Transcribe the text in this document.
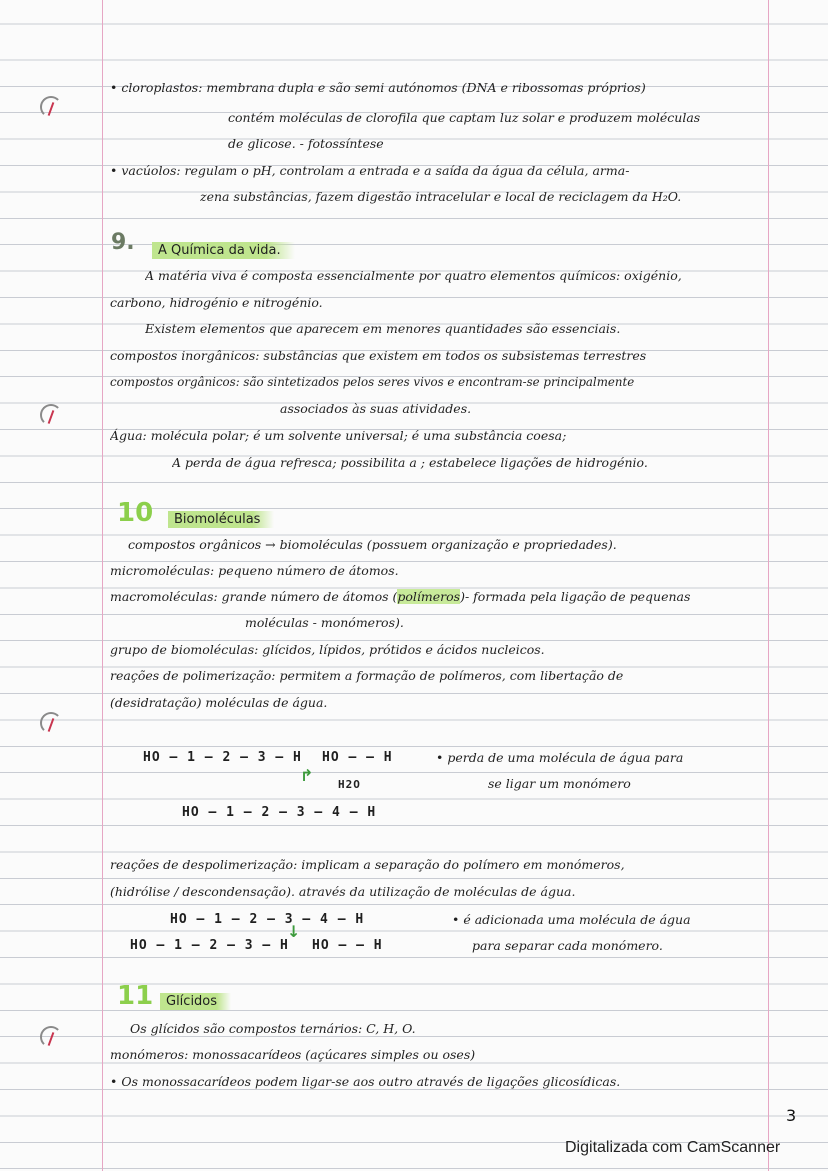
• cloroplastos: membrana dupla e são semi autónomos (DNA e ribossomas próprios)
contém moléculas de clorofila que captam luz solar e produzem moléculas
de glicose. - fotossíntese
• vacúolos: regulam o pH, controlam a entrada e a saída da água da célula, arma-
zena substâncias, fazem digestão intracelular e local de reciclagem da H₂O.
9.	A Química da vida.
A matéria viva é composta essencialmente por quatro elementos químicos: oxigénio,
carbono, hidrogénio e nitrogénio.
Existem elementos que aparecem em menores quantidades são essenciais.
compostos inorgânicos: substâncias que existem em todos os subsistemas terrestres
compostos orgânicos: são sintetizados pelos seres vivos e encontram-se principalmente
associados às suas atividades.
Água: molécula polar; é um solvente universal; é uma substância coesa;
A perda de água refresca; possibilita a ; estabelece ligações de hidrogénio.
10	Biomoléculas
compostos orgânicos → biomoléculas (possuem organização e propriedades).
micromoléculas: pequeno número de átomos.
macromoléculas: grande número de átomos (polímeros)- formada pela ligação de pequenas
moléculas - monómeros).
grupo de biomoléculas: glícidos, lípidos, prótidos e ácidos nucleicos.
reações de polimerização: permitem a formação de polímeros, com libertação de
(desidratação) moléculas de água.
HO — 1 — 2 — 3 — H HO — — H
↱ H2O
HO — 1 — 2 — 3 — 4 — H
• perda de uma molécula de água para
se ligar um monómero
reações de despolimerização: implicam a separação do polímero em monómeros,
(hidrólise / descondensação). através da utilização de moléculas de água.
HO — 1 — 2 — 3 — 4 — H
↓
HO — 1 — 2 — 3 — H HO — — H
• é adicionada uma molécula de água
para separar cada monómero.
11 Glícidos
Os glícidos são compostos ternários: C, H, O.
monómeros: monossacarídeos (açúcares simples ou oses)
• Os monossacarídeos podem ligar-se aos outro através de ligações glicosídicas.
3
Digitalizada com CamScanner
